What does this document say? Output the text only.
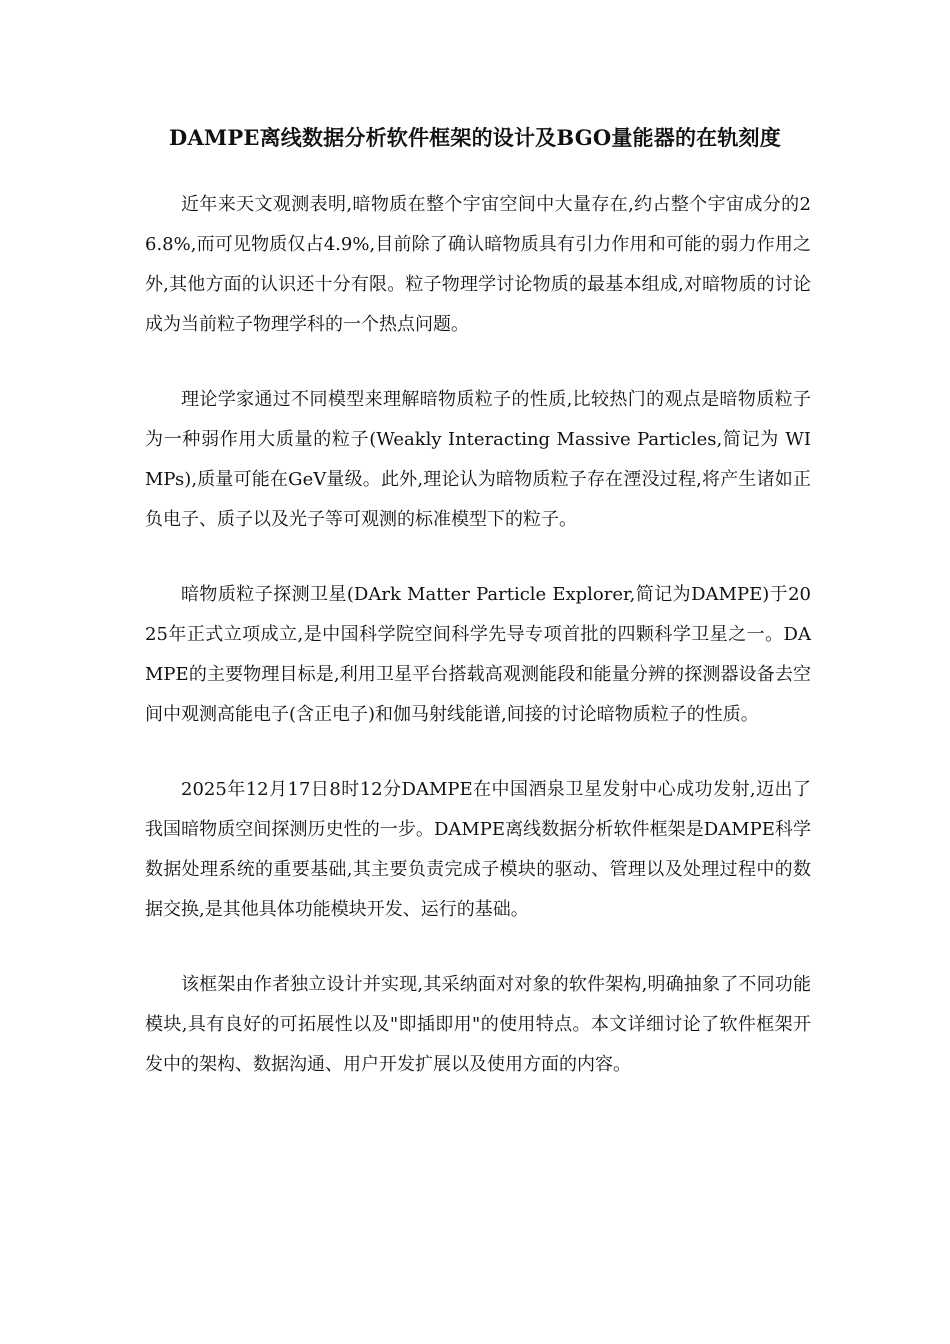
DAMPE离线数据分析软件框架的设计及BGO量能器的在轨刻度

近年来天文观测表明,暗物质在整个宇宙空间中大量存在,约占整个宇宙成分的26.8%,而可见物质仅占4.9%,目前除了确认暗物质具有引力作用和可能的弱力作用之外,其他方面的认识还十分有限。粒子物理学讨论物质的最基本组成,对暗物质的讨论成为当前粒子物理学科的一个热点问题。

理论学家通过不同模型来理解暗物质粒子的性质,比较热门的观点是暗物质粒子为一种弱作用大质量的粒子(Weakly Interacting Massive Particles,简记为 WIMPs),质量可能在GeV量级。此外,理论认为暗物质粒子存在湮没过程,将产生诸如正负电子、质子以及光子等可观测的标准模型下的粒子。

暗物质粒子探测卫星(DArk Matter Particle Explorer,简记为DAMPE)于2025年正式立项成立,是中国科学院空间科学先导专项首批的四颗科学卫星之一。DAMPE的主要物理目标是,利用卫星平台搭载高观测能段和能量分辨的探测器设备去空间中观测高能电子(含正电子)和伽马射线能谱,间接的讨论暗物质粒子的性质。

2025年12月17日8时12分DAMPE在中国酒泉卫星发射中心成功发射,迈出了我国暗物质空间探测历史性的一步。DAMPE离线数据分析软件框架是DAMPE科学数据处理系统的重要基础,其主要负责完成子模块的驱动、管理以及处理过程中的数据交换,是其他具体功能模块开发、运行的基础。

该框架由作者独立设计并实现,其采纳面对对象的软件架构,明确抽象了不同功能模块,具有良好的可拓展性以及"即插即用"的使用特点。本文详细讨论了软件框架开发中的架构、数据沟通、用户开发扩展以及使用方面的内容。
